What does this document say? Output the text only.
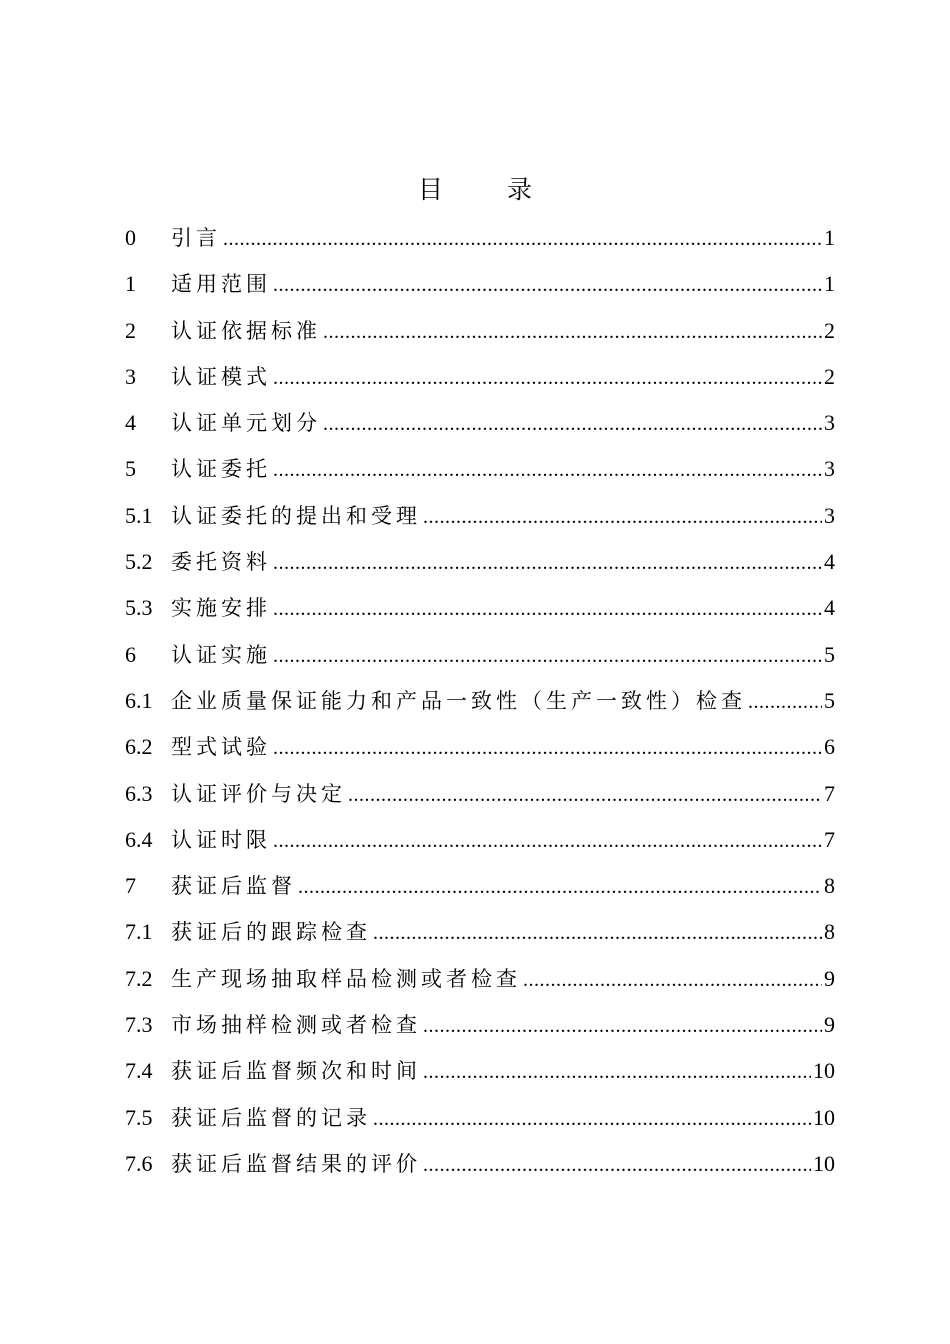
目 录
0	引言 .....	1
1	适用范围 .....	1
2	认证依据标准 .....	2
3	认证模式 .....	2
4	认证单元划分 .....	3
5	认证委托 .....	3
5.1 认证委托的提出和受理 .....	3
5.2 委托资料 .....	4
5.3 实施安排 .....	4
6	认证实施 .....	5
6.1 企业质量保证能力和产品一致性（生产一致性）检查 .....	5
6.2 型式试验 .....	6
6.3 认证评价与决定 .....	7
6.4 认证时限 .....	7
7	获证后监督 .....	8
7.1 获证后的跟踪检查 .....	8
7.2 生产现场抽取样品检测或者检查 .....	9
7.3 市场抽样检测或者检查 .....	9
7.4 获证后监督频次和时间 .....	10
7.5 获证后监督的记录 .....	10
7.6 获证后监督结果的评价 .....	10
